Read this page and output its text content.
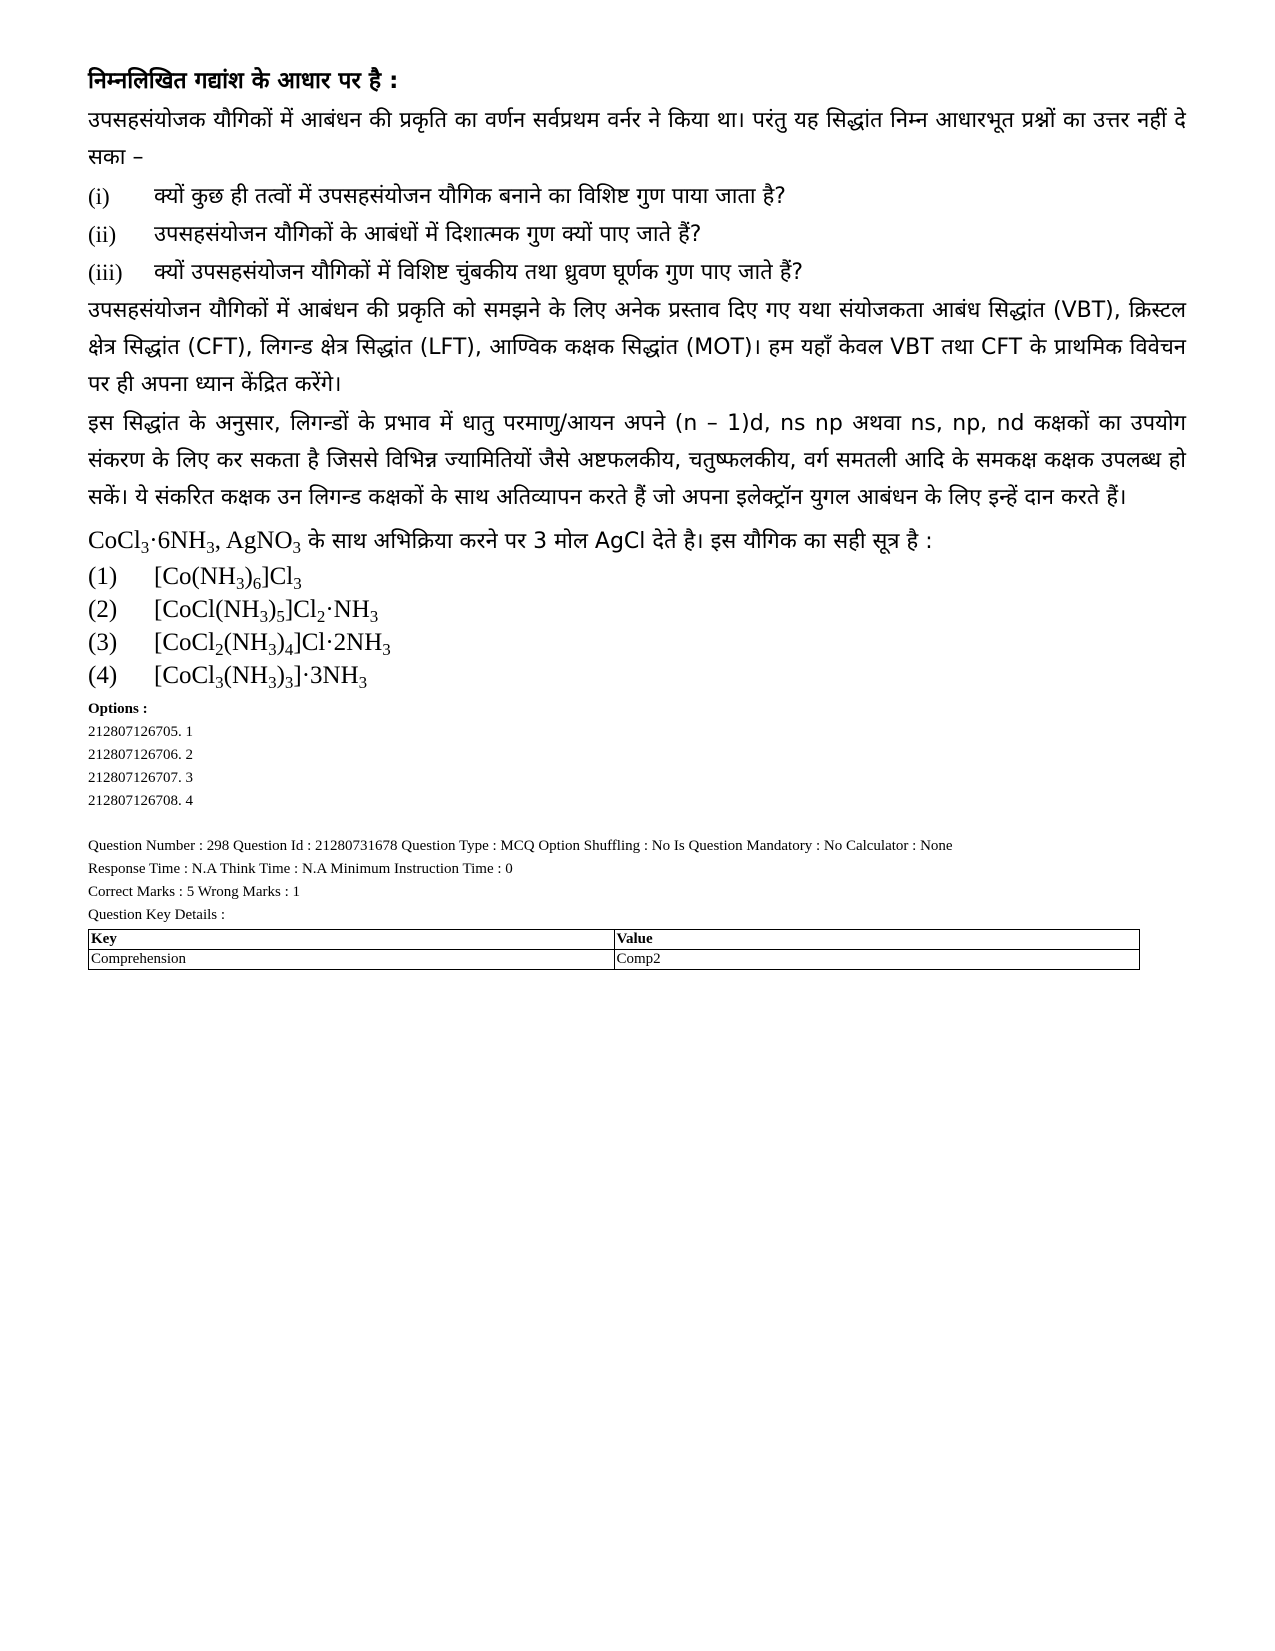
निम्नलिखित गद्यांश के आधार पर है :
उपसहसंयोजक यौगिकों में आबंधन की प्रकृति का वर्णन सर्वप्रथम वर्नर ने किया था। परंतु यह सिद्धांत निम्न आधारभूत प्रश्नों का उत्तर नहीं दे सका –
(i)	क्यों कुछ ही तत्वों में उपसहसंयोजन यौगिक बनाने का विशिष्ट गुण पाया जाता है?
(ii)	उपसहसंयोजन यौगिकों के आबंधों में दिशात्मक गुण क्यों पाए जाते हैं?
(iii)	क्यों उपसहसंयोजन यौगिकों में विशिष्ट चुंबकीय तथा ध्रुवण घूर्णक गुण पाए जाते हैं?
उपसहसंयोजन यौगिकों में आबंधन की प्रकृति को समझने के लिए अनेक प्रस्ताव दिए गए यथा संयोजकता आबंध सिद्धांत (VBT), क्रिस्टल क्षेत्र सिद्धांत (CFT), लिगन्ड क्षेत्र सिद्धांत (LFT), आण्विक कक्षक सिद्धांत (MOT)। हम यहाँ केवल VBT तथा CFT के प्राथमिक विवेचन पर ही अपना ध्यान केंद्रित करेंगे।
इस सिद्धांत के अनुसार, लिगन्डों के प्रभाव में धातु परमाणु/आयन अपने (n – 1)d, ns np अथवा ns, np, nd कक्षकों का उपयोग संकरण के लिए कर सकता है जिससे विभिन्न ज्यामितियों जैसे अष्टफलकीय, चतुष्फलकीय, वर्ग समतली आदि के समकक्ष कक्षक उपलब्ध हो सकें। ये संकरित कक्षक उन लिगन्ड कक्षकों के साथ अतिव्यापन करते हैं जो अपना इलेक्ट्रॉन युगल आबंधन के लिए इन्हें दान करते हैं।
$CoCl_3\cdot 6NH_3$, AgNO$_3$ के साथ अभिक्रिया करने पर 3 मोल AgCl देते है। इस यौगिक का सही सूत्र है :
(1)	$[Co(NH_3)_6]Cl_3$
(2)	$[CoCl(NH_3)_5]Cl_2\cdot NH_3$
(3)	$[CoCl_2(NH_3)_4]Cl\cdot 2NH_3$
(4)	$[CoCl_3(NH_3)_3]\cdot 3NH_3$
Options :
212807126705. 1
212807126706. 2
212807126707. 3
212807126708. 4
Question Number : 298 Question Id : 21280731678 Question Type : MCQ Option Shuffling : No Is Question Mandatory : No Calculator : None
Response Time : N.A Think Time : N.A Minimum Instruction Time : 0
Correct Marks : 5 Wrong Marks : 1
Question Key Details :
Key	Value
Comprehension	Comp2
